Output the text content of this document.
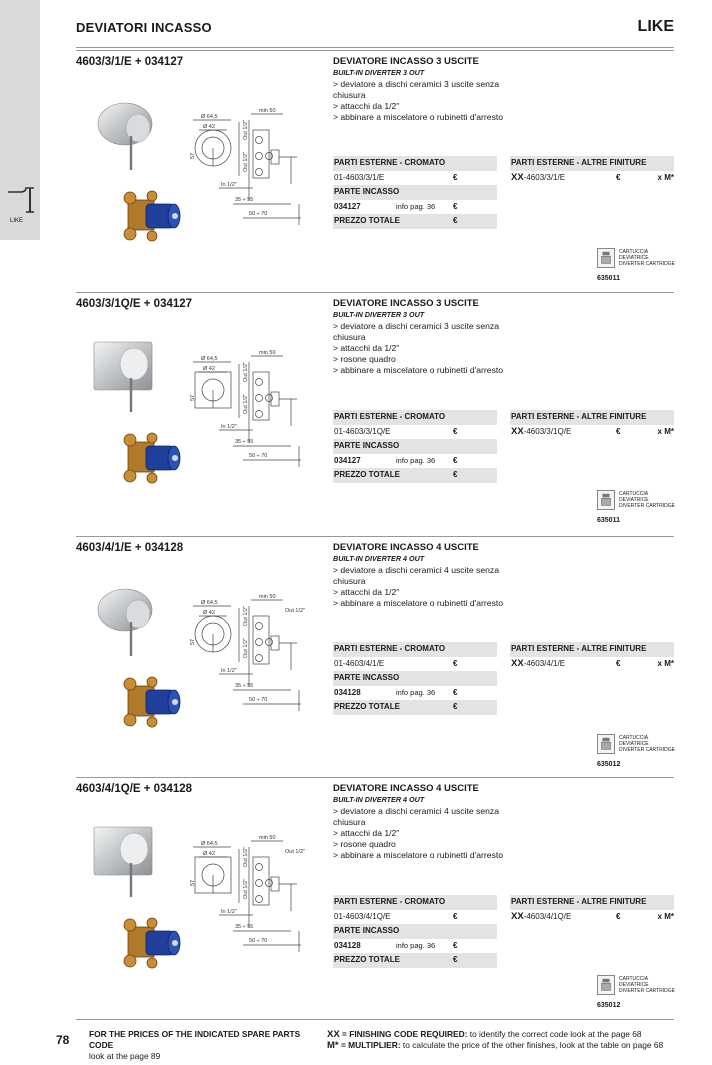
LIKE
DEVIATORI INCASSO	LIKE
4603/3/1/E + 034127
Ø 64,5
Ø 42
57
min 50
Out 1/2"
Out 1/2"
In 1/2"
35 ÷ 55
50 ÷ 70
DEVIATORE INCASSO 3 USCITE
BUILT-IN DIVERTER 3 OUT
> deviatore a dischi ceramici 3 uscite senza chiusura
> attacchi da 1/2"
> abbinare a miscelatore o rubinetti d'arresto
PARTI ESTERNE - CROMATO
01-4603/3/1/E	€
PARTE INCASSO
034127	info pag. 36 €
PREZZO TOTALE	€
PARTI ESTERNE - ALTRE FINITURE
XX-4603/3/1/E	€	x M*
CARTUCCIA
DEVIATRICE
DIVERTER CARTRIDGE
635011
4603/3/1Q/E + 034127
Ø 64,5
Ø 42
57
min 50
Out 1/2"
Out 1/2"
In 1/2"
35 ÷ 55
50 ÷ 70
DEVIATORE INCASSO 3 USCITE
BUILT-IN DIVERTER 3 OUT
> deviatore a dischi ceramici 3 uscite senza chiusura
> attacchi da 1/2"
> rosone quadro
> abbinare a miscelatore o rubinetti d'arresto
PARTI ESTERNE - CROMATO
01-4603/3/1Q/E	€
PARTE INCASSO
034127	info pag. 36 €
PREZZO TOTALE	€
PARTI ESTERNE - ALTRE FINITURE
XX-4603/3/1Q/E	€	x M*
CARTUCCIA
DEVIATRICE
DIVERTER CARTRIDGE
635011
4603/4/1/E + 034128
Ø 64,5
Ø 42
57
min 50
Out 1/2"
Out 1/2"
Out 1/2"
In 1/2"
35 ÷ 55
50 ÷ 70
DEVIATORE INCASSO 4 USCITE
BUILT-IN DIVERTER 4 OUT
> deviatore a dischi ceramici 4 uscite senza chiusura
> attacchi da 1/2"
> abbinare a miscelatore o rubinetti d'arresto
PARTI ESTERNE - CROMATO
01-4603/4/1/E	€
PARTE INCASSO
034128	info pag. 36 €
PREZZO TOTALE	€
PARTI ESTERNE - ALTRE FINITURE
XX-4603/4/1/E	€	x M*
CARTUCCIA
DEVIATRICE
DIVERTER CARTRIDGE
635012
4603/4/1Q/E + 034128
Ø 64,5
Ø 42
57
min 50
Out 1/2"
Out 1/2"
Out 1/2"
In 1/2"
35 ÷ 55
50 ÷ 70
DEVIATORE INCASSO 4 USCITE
BUILT-IN DIVERTER 4 OUT
> deviatore a dischi ceramici 4 uscite senza chiusura
> attacchi da 1/2"
> rosone quadro
> abbinare a miscelatore o rubinetti d'arresto
PARTI ESTERNE - CROMATO
01-4603/4/1Q/E	€
PARTE INCASSO
034128	info pag. 36 €
PREZZO TOTALE	€
PARTI ESTERNE - ALTRE FINITURE
XX-4603/4/1Q/E	€	x M*
CARTUCCIA
DEVIATRICE
DIVERTER CARTRIDGE
635012
78 FOR THE PRICES OF THE INDICATED SPARE PARTS CODE
look at the page 89
XX = FINISHING CODE REQUIRED: to identify the correct code look at the page 68
M* = MULTIPLIER: to calculate the price of the other finishes, look at the table on page 68
